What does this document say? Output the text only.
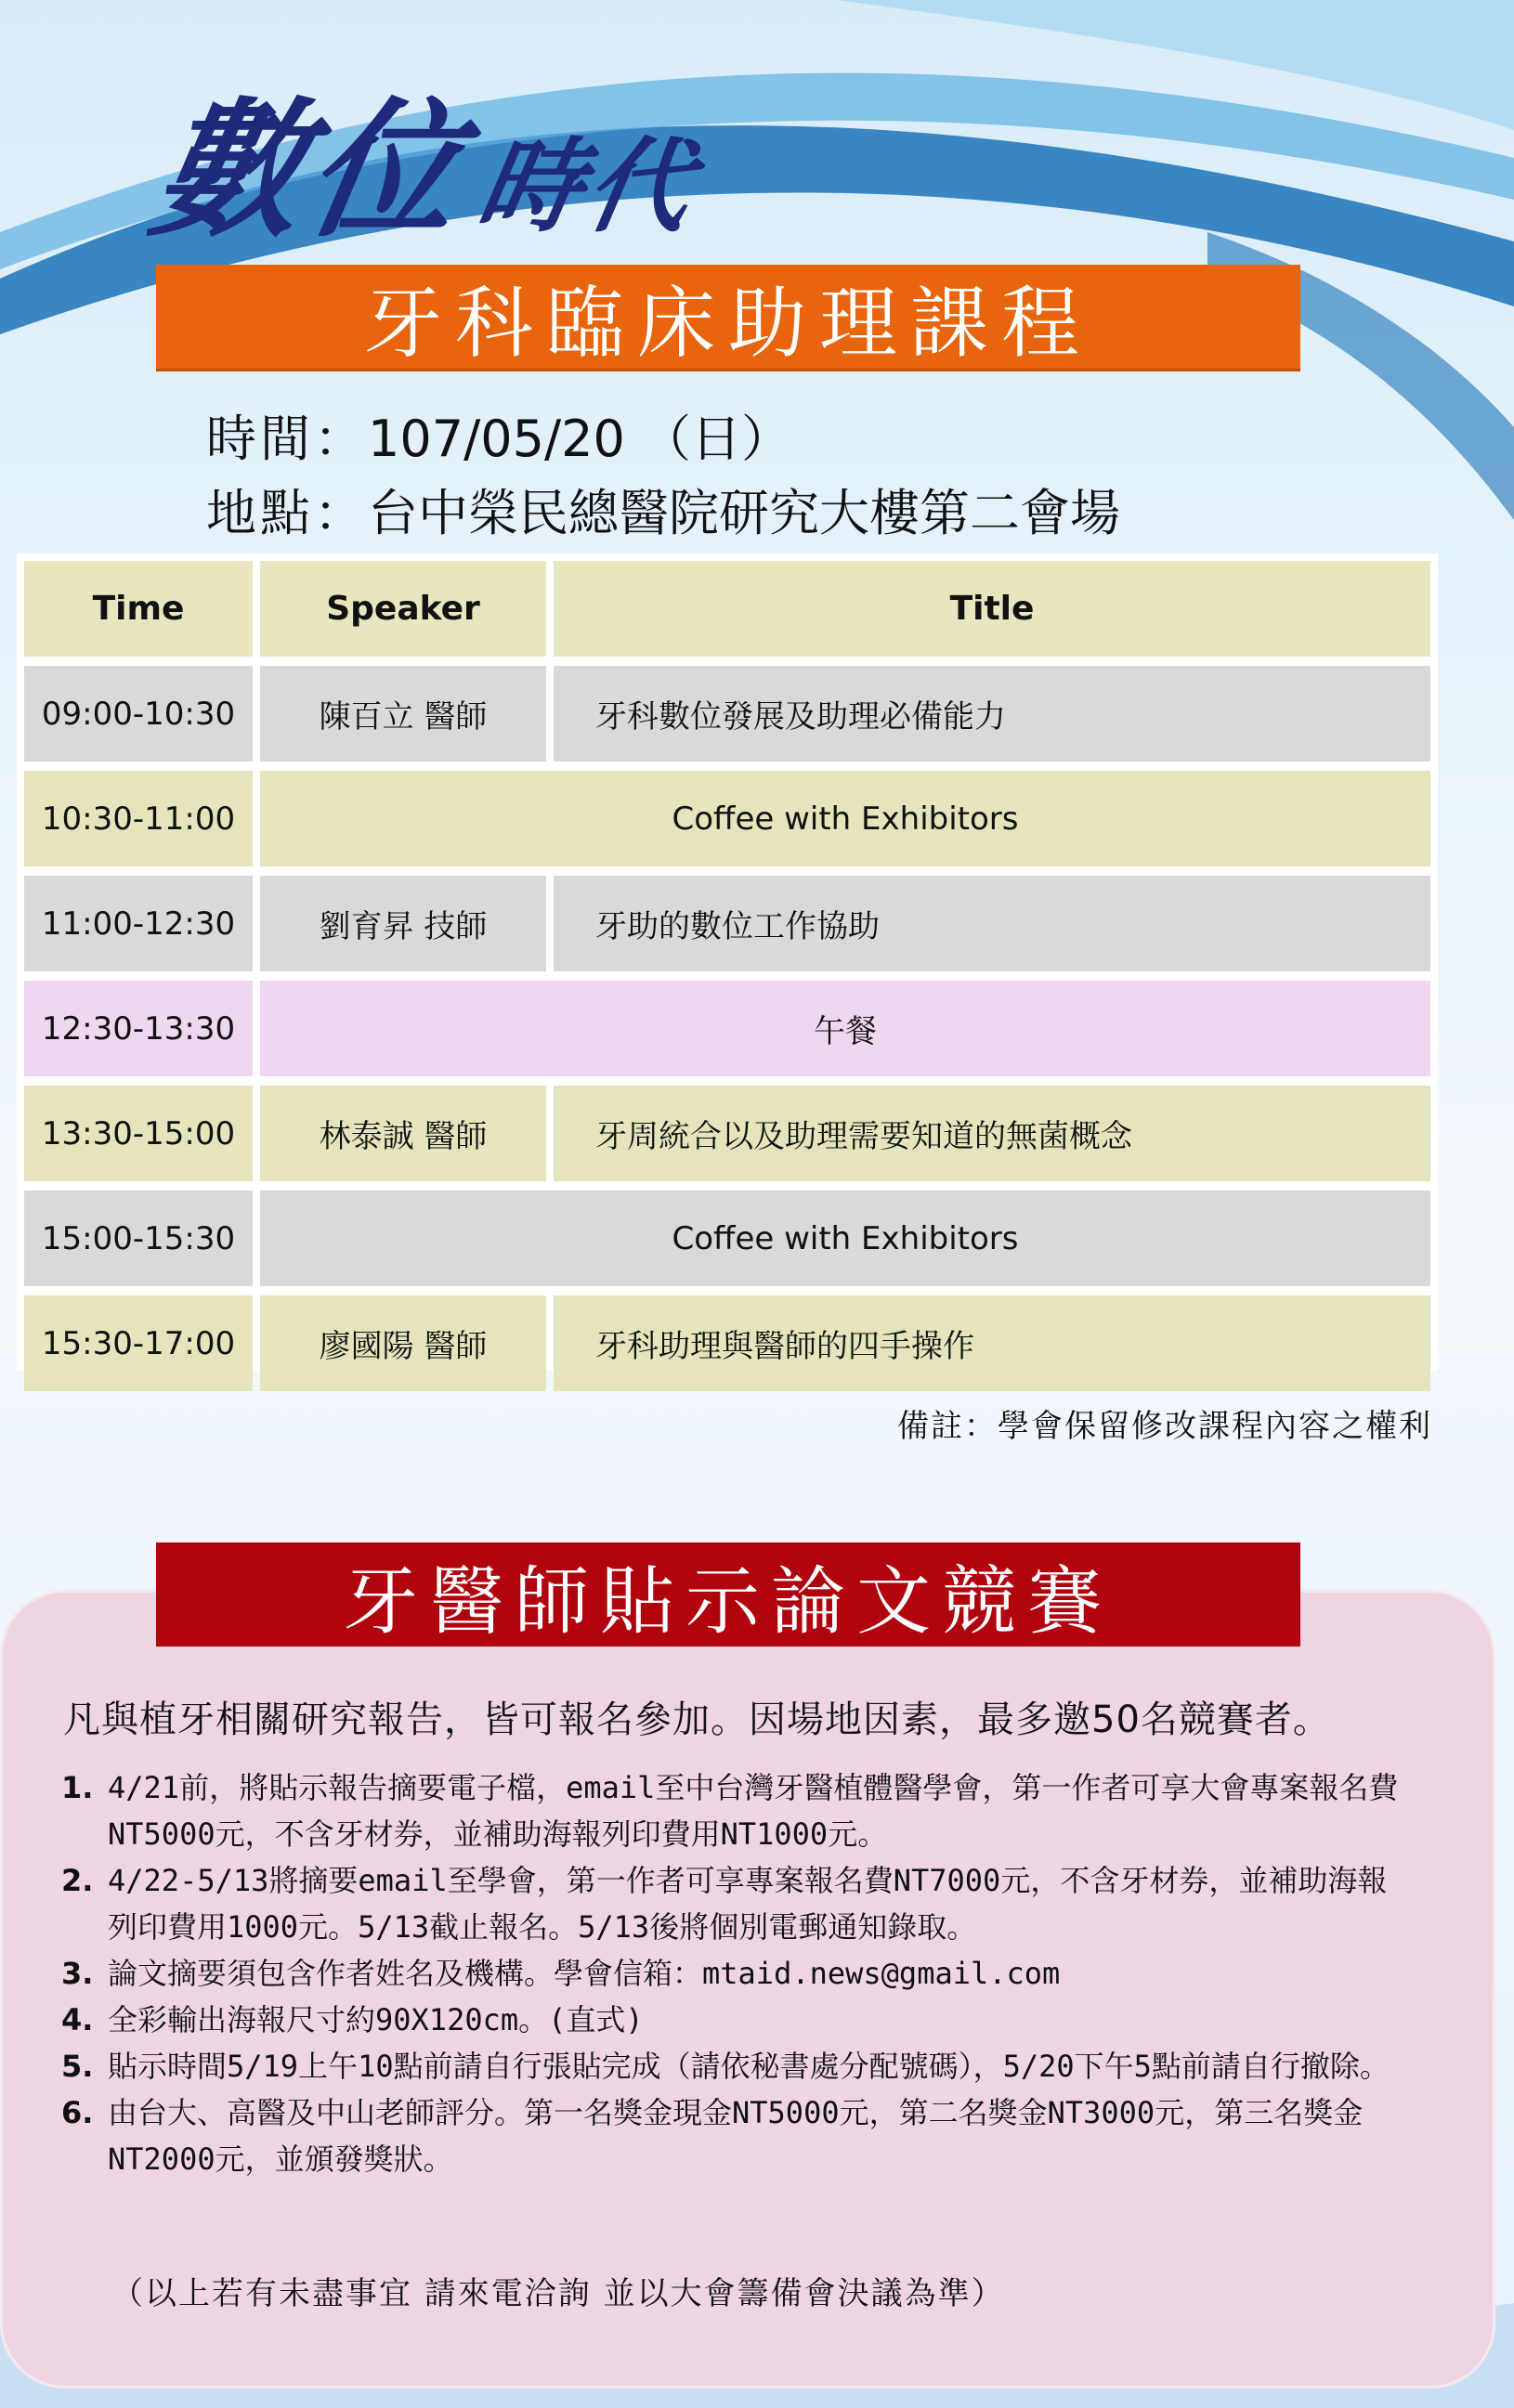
數位時代
牙科臨床助理課程
時間：107/05/20 （日）
地點：台中榮民總醫院研究大樓第二會場
Time	Speaker	Title
09:00-10:30	陳百立 醫師	牙科數位發展及助理必備能力
10:30-11:00	Coffee with Exhibitors
11:00-12:30	劉育昇 技師	牙助的數位工作協助
12:30-13:30	午餐
13:30-15:00	林泰誠 醫師	牙周統合以及助理需要知道的無菌概念
15:00-15:30	Coffee with Exhibitors
15:30-17:00	廖國陽 醫師	牙科助理與醫師的四手操作
備註：學會保留修改課程內容之權利
牙醫師貼示論文競賽
凡與植牙相關研究報告，皆可報名參加。因場地因素，最多邀50名競賽者。
1. 4/21前，將貼示報告摘要電子檔，email至中台灣牙醫植體醫學會，第一作者可享大會專案報名費NT5000元，不含牙材券，並補助海報列印費用NT1000元。
2. 4/22-5/13將摘要email至學會，第一作者可享專案報名費NT7000元，不含牙材券，並補助海報列印費用1000元。5/13截止報名。5/13後將個別電郵通知錄取。
3. 論文摘要須包含作者姓名及機構。學會信箱：mtaid.news@gmail.com
4. 全彩輸出海報尺寸約90X120cm。(直式)
5. 貼示時間5/19上午10點前請自行張貼完成（請依秘書處分配號碼），5/20下午5點前請自行撤除。
6. 由台大、高醫及中山老師評分。第一名獎金現金NT5000元，第二名獎金NT3000元，第三名獎金NT2000元，並頒發獎狀。
（以上若有未盡事宜 請來電洽詢 並以大會籌備會決議為準）
